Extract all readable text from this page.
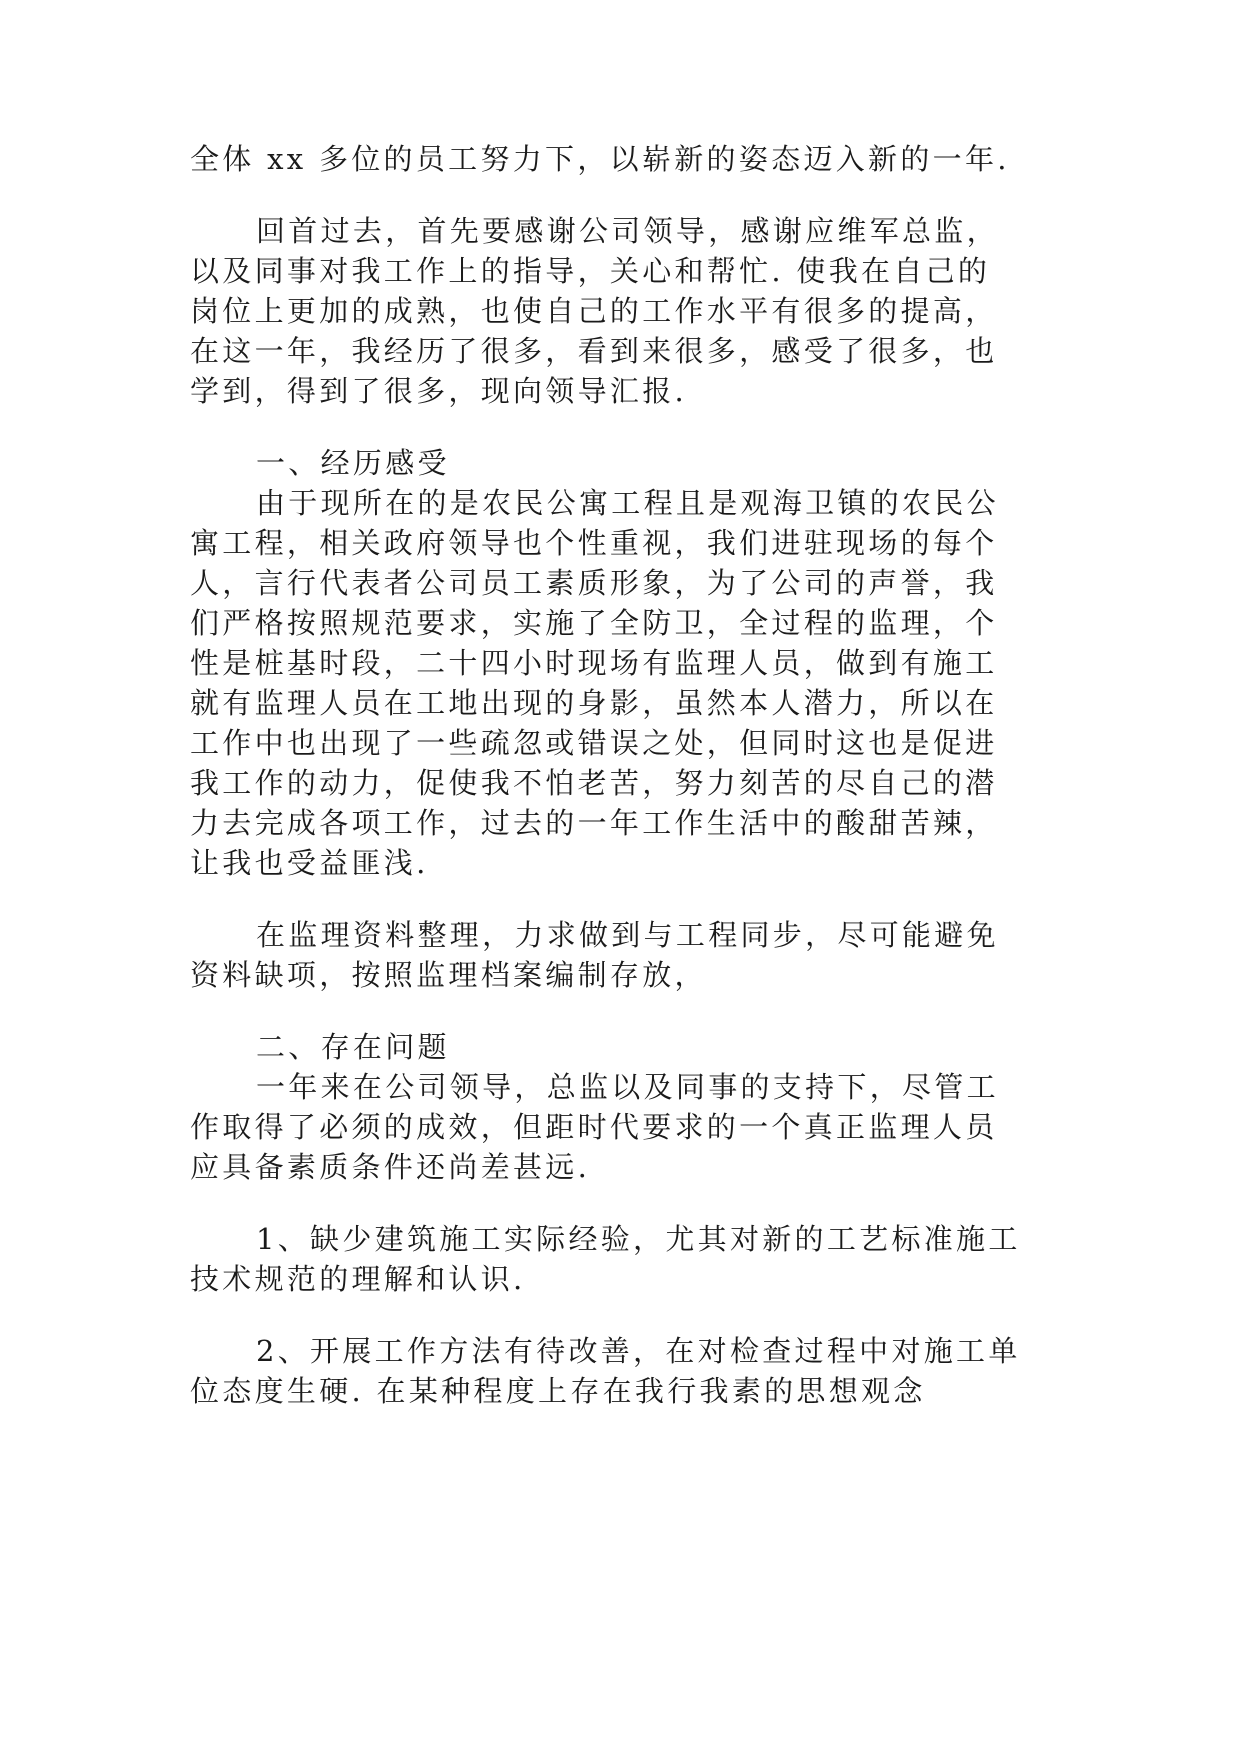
全体 xx 多位的员工努力下，以崭新的姿态迈入新的一年.

回首过去，首先要感谢公司领导，感谢应维军总监，

以及同事对我工作上的指导，关心和帮忙. 使我在自己的

岗位上更加的成熟，也使自己的工作水平有很多的提高，

在这一年，我经历了很多，看到来很多，感受了很多，也

学到，得到了很多，现向领导汇报.

一、经历感受

由于现所在的是农民公寓工程且是观海卫镇的农民公

寓工程，相关政府领导也个性重视，我们进驻现场的每个

人，言行代表者公司员工素质形象，为了公司的声誉，我

们严格按照规范要求，实施了全防卫，全过程的监理，个

性是桩基时段，二十四小时现场有监理人员，做到有施工

就有监理人员在工地出现的身影，虽然本人潜力，所以在

工作中也出现了一些疏忽或错误之处，但同时这也是促进

我工作的动力，促使我不怕老苦，努力刻苦的尽自己的潜

力去完成各项工作，过去的一年工作生活中的酸甜苦辣，

让我也受益匪浅.

在监理资料整理，力求做到与工程同步，尽可能避免

资料缺项，按照监理档案编制存放，

二、存在问题

一年来在公司领导，总监以及同事的支持下，尽管工

作取得了必须的成效，但距时代要求的一个真正监理人员

应具备素质条件还尚差甚远.

1、缺少建筑施工实际经验，尤其对新的工艺标准施工

技术规范的理解和认识.

2、开展工作方法有待改善，在对检查过程中对施工单

位态度生硬. 在某种程度上存在我行我素的思想观念
